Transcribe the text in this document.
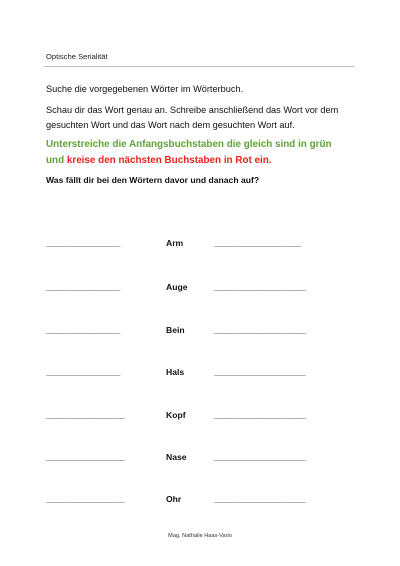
Optische Serialität
Suche die vorgegebenen Wörter im Wörterbuch.
Schau dir das Wort genau an. Schreibe anschließend das Wort vor dem gesuchten Wort und das Wort nach dem gesuchten Wort auf.
Unterstreiche die Anfangsbuchstaben die gleich sind in grün
und kreise den nächsten Buchstaben in Rot ein.
Was fällt dir bei den Wörtern davor und danach auf?
_________________	Arm	____________________
_________________	Auge	_____________________
_________________	Bein	_____________________
_________________	Hals	_____________________
__________________	Kopf	_____________________
__________________	Nase	_____________________
__________________	Ohr	_____________________
Mag. Nathalie Haas-Vario
